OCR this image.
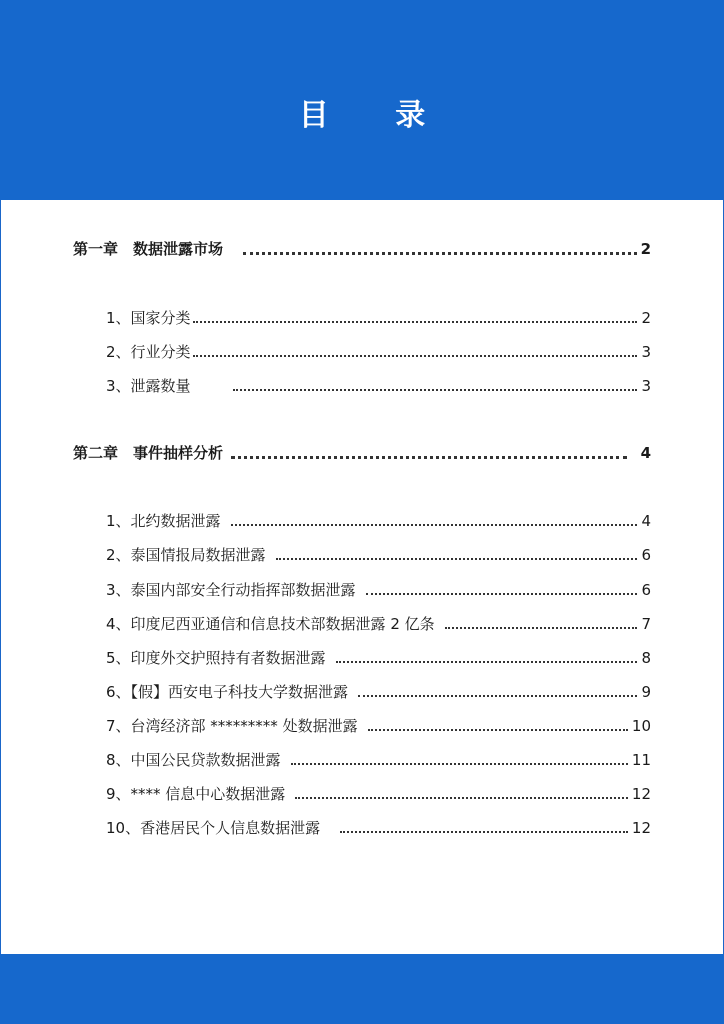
目 录
第一章　数据泄露市场	2
1、国家分类	2
2、行业分类	3
3、泄露数量	3
第二章　事件抽样分析	4
1、北约数据泄露	4
2、泰国情报局数据泄露	6
3、泰国内部安全行动指挥部数据泄露	6
4、印度尼西亚通信和信息技术部数据泄露 2 亿条	7
5、印度外交护照持有者数据泄露	8
6、【假】西安电子科技大学数据泄露	9
7、台湾经济部 ********* 处数据泄露	10
8、中国公民贷款数据泄露	11
9、**** 信息中心数据泄露	12
10、香港居民个人信息数据泄露	12
